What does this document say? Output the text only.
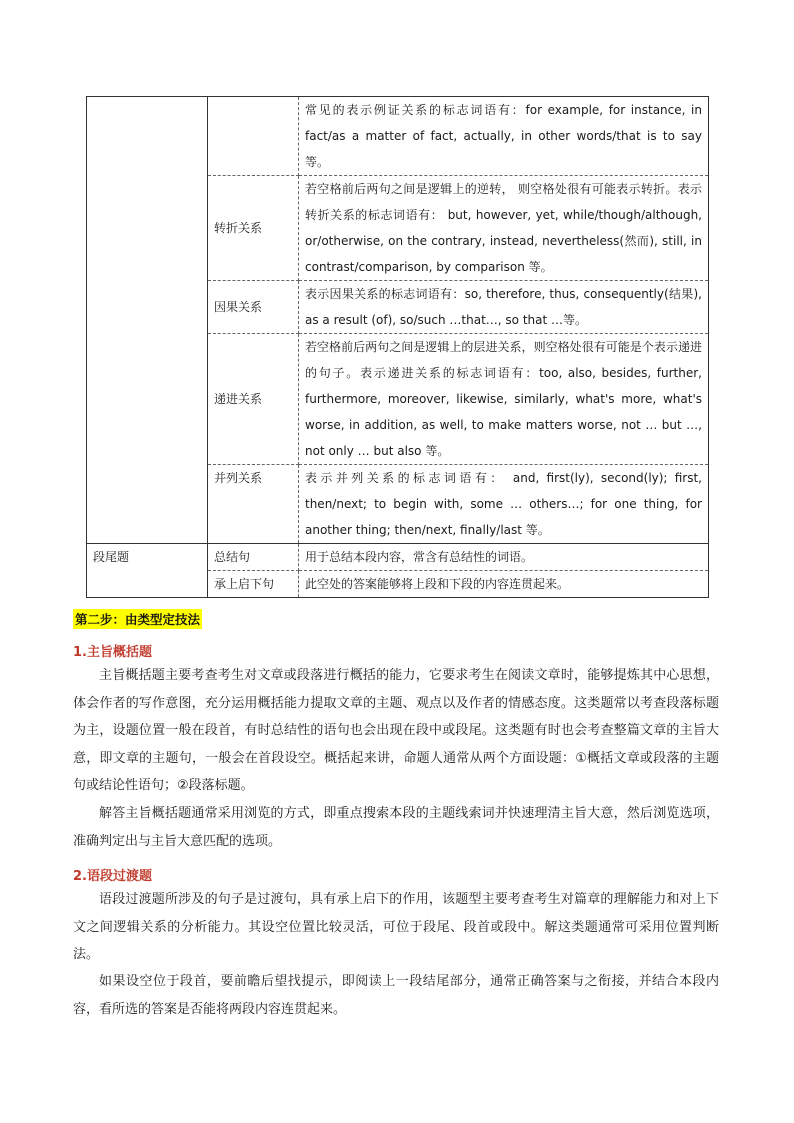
		常见的表示例证关系的标志词语有：for example, for instance, in fact/as a matter of fact, actually, in other words/that is to say 等。
	转折关系	若空格前后两句之间是逻辑上的逆转， 则空格处很有可能表示转折。表示转折关系的标志词语有： but, however, yet, while/though/although, or/otherwise, on the contrary, instead, nevertheless(然而), still, in contrast/comparison, by comparison 等。
	因果关系	表示因果关系的标志词语有：so, therefore, thus, consequently(结果), as a result (of), so/such …that…, so that …等。
	递进关系	若空格前后两句之间是逻辑上的层进关系，则空格处很有可能是个表示递进的句子。表示递进关系的标志词语有：too, also, besides, further, furthermore, moreover, likewise, similarly, what's more, what's worse, in addition, as well, to make matters worse, not … but …, not only … but also 等。
	并列关系	表示并列关系的标志词语有： and, first(ly), second(ly); first, then/next; to begin with, some … others…; for one thing, for another thing; then/next, finally/last 等。
段尾题	总结句	用于总结本段内容，常含有总结性的词语。
	承上启下句	此空处的答案能够将上段和下段的内容连贯起来。
第二步：由类型定技法
1.主旨概括题

主旨概括题主要考查考生对文章或段落进行概括的能力，它要求考生在阅读文章时，能够提炼其中心思想，体会作者的写作意图，充分运用概括能力提取文章的主题、观点以及作者的情感态度。这类题常以考查段落标题为主，设题位置一般在段首，有时总结性的语句也会出现在段中或段尾。这类题有时也会考查整篇文章的主旨大意，即文章的主题句，一般会在首段设空。概括起来讲，命题人通常从两个方面设题：①概括文章或段落的主题句或结论性语句；②段落标题。

解答主旨概括题通常采用浏览的方式，即重点搜索本段的主题线索词并快速理清主旨大意，然后浏览选项，准确判定出与主旨大意匹配的选项。

2.语段过渡题

语段过渡题所涉及的句子是过渡句，具有承上启下的作用，该题型主要考查考生对篇章的理解能力和对上下文之间逻辑关系的分析能力。其设空位置比较灵活，可位于段尾、段首或段中。解这类题通常可采用位置判断法。

如果设空位于段首，要前瞻后望找提示，即阅读上一段结尾部分，通常正确答案与之衔接，并结合本段内容，看所选的答案是否能将两段内容连贯起来。
